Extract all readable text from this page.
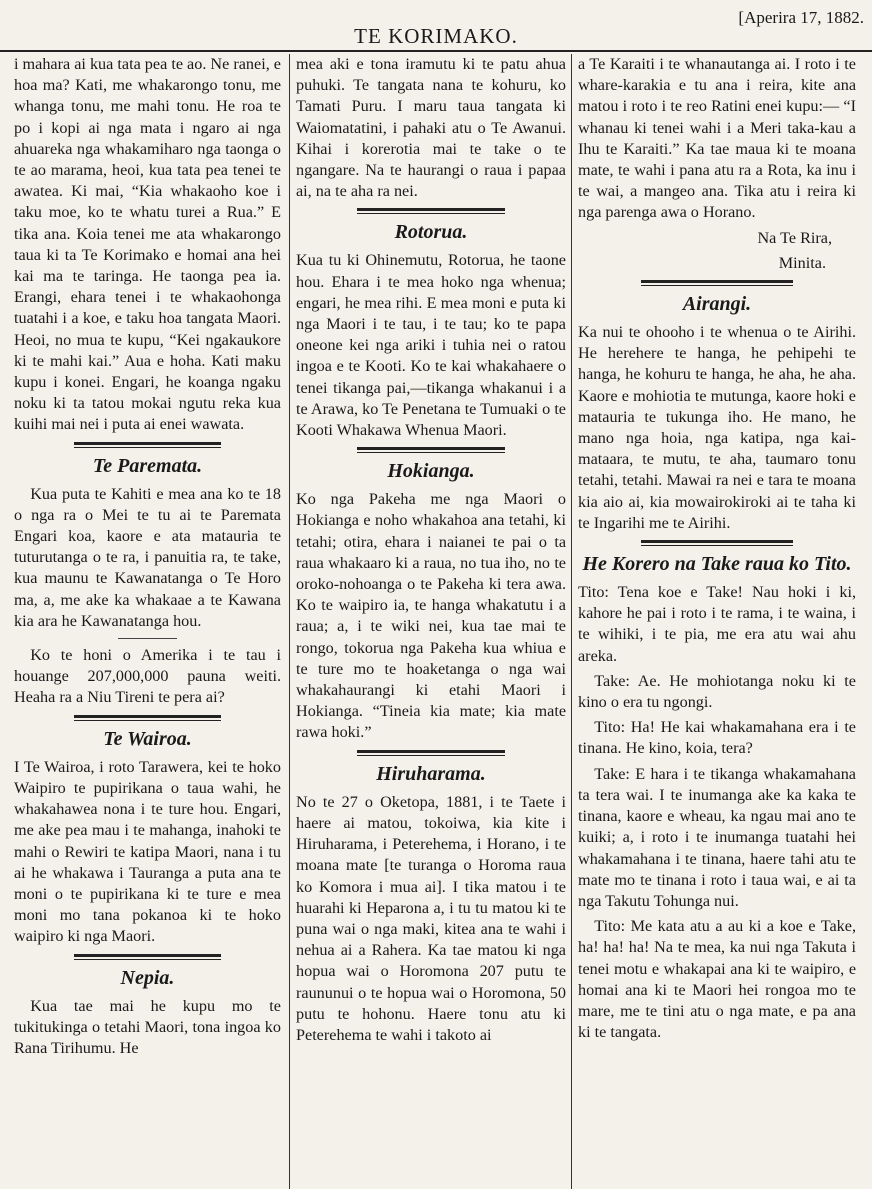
TE KORIMAKO.
[Aperira 17, 1882.

i mahara ai kua tata pea te ao. Ne ranei, e hoa ma? Kati, me whakarongo tonu, me whanga tonu, me mahi tonu. He roa te po i kopi ai nga mata i ngaro ai nga ahuareka nga whakamiharo nga taonga o te ao marama, heoi, kua tata pea tenei te awatea. Ki mai, “Kia whakaoho koe i taku moe, ko te whatu turei a Rua.” E tika ana. Koia tenei me ata whakarongo taua ki ta Te Korimako e homai ana hei kai ma te taringa. He taonga pea ia. Erangi, ehara tenei i te whakaohonga tuatahi i a koe, e taku hoa tangata Maori. Heoi, no mua te kupu, “Kei ngakaukore ki te mahi kai.” Aua e hoha. Kati maku kupu i konei. Engari, he koanga ngaku noku ki ta tatou mokai ngutu reka kua kuihi mai nei i puta ai enei wawata.

Te Paremata.

Kua puta te Kahiti e mea ana ko te 18 o nga ra o Mei te tu ai te Paremata Engari koa, kaore e ata matauria te tuturutanga o te ra, i panuitia ra, te take, kua maunu te Kawanatanga o Te Horo ma, a, me ake ka whakaae a te Kawana kia ara he Kawanatanga hou.

Ko te honi o Amerika i te tau i houange 207,000,000 pauna weiti. Heaha ra a Niu Tireni te pera ai?

Te Wairoa.

I Te Wairoa, i roto Tarawera, kei te hoko Waipiro te pupirikana o taua wahi, he whakahawea nona i te ture hou. Engari, me ake pea mau i te mahanga, inahoki te mahi o Rewiri te katipa Maori, nana i tu ai he whakawa i Tauranga a puta ana te moni o te pupirikana ki te ture e mea moni mo tana pokanoa ki te hoko waipiro ki nga Maori.

Nepia.

Kua tae mai he kupu mo te tukitukinga o tetahi Maori, tona ingoa ko Rana Tirihumu. He

mea aki e tona iramutu ki te patu ahua puhuki. Te tangata nana te kohuru, ko Tamati Puru. I maru taua tangata ki Waiomatatini, i pahaki atu o Te Awanui. Kihai i korerotia mai te take o te ngangare. Na te haurangi o raua i papaa ai, na te aha ra nei.

Rotorua.

Kua tu ki Ohinemutu, Rotorua, he taone hou. Ehara i te mea hoko nga whenua; engari, he mea rihi. E mea moni e puta ki nga Maori i te tau, i te tau; ko te papa oneone kei nga ariki i tuhia nei o ratou ingoa e te Kooti. Ko te kai whakahaere o tenei tikanga pai,—tikanga whakanui i a te Arawa, ko Te Penetana te Tumuaki o te Kooti Whakawa Whenua Maori.

Hokianga.

Ko nga Pakeha me nga Maori o Hokianga e noho whakahoa ana tetahi, ki tetahi; otira, ehara i naianei te pai o ta raua whakaaro ki a raua, no tua iho, no te oroko-nohoanga o te Pakeha ki tera awa. Ko te waipiro ia, te hanga whakatutu i a raua; a, i te wiki nei, kua tae mai te rongo, tokorua nga Pakeha kua whiua e te ture mo te hoaketanga o nga wai whakahaurangi ki etahi Maori i Hokianga. “Tineia kia mate; kia mate rawa hoki.”

Hiruharama.

No te 27 o Oketopa, 1881, i te Taete i haere ai matou, tokoiwa, kia kite i Hiruharama, i Peterehema, i Horano, i te moana mate [te turanga o Horoma raua ko Komora i mua ai]. I tika matou i te huarahi ki Heparona a, i tu tu matou ki te puna wai o nga maki, kitea ana te wahi i nehua ai a Rahera. Ka tae matou ki nga hopua wai o Horomona 207 putu te raununui o te hopua wai o Horomona, 50 putu te hohonu. Haere tonu atu ki Peterehema te wahi i takoto ai

a Te Karaiti i te whanautanga ai. I roto i te whare-karakia e tu ana i reira, kite ana matou i roto i te reo Ratini enei kupu:— “I whanau ki tenei wahi i a Meri taka-kau a Ihu te Karaiti.” Ka tae maua ki te moana mate, te wahi i pana atu ra a Rota, ka inu i te wai, a mangeo ana. Tika atu i reira ki nga parenga awa o Horano.

Na Te Rira,

Minita.

Airangi.

Ka nui te ohooho i te whenua o te Airihi. He herehere te hanga, he pehipehi te hanga, he kohuru te hanga, he aha, he aha. Kaore e mohiotia te mutunga, kaore hoki e matauria te tukunga iho. He mano, he mano nga hoia, nga katipa, nga kai-mataara, te mutu, te aha, taumaro tonu tetahi, tetahi. Mawai ra nei e tara te moana kia aio ai, kia mowairokiroki ai te taha ki te Ingarihi me te Airihi.

He Korero na Take raua ko Tito.

Tito: Tena koe e Take! Nau hoki i ki, kahore he pai i roto i te rama, i te waina, i te wihiki, i te pia, me era atu wai ahu areka.

Take: Ae. He mohiotanga noku ki te kino o era tu ngongi.

Tito: Ha! He kai whakamahana era i te tinana. He kino, koia, tera?

Take: E hara i te tikanga whakamahana ta tera wai. I te inumanga ake ka kaka te tinana, kaore e wheau, ka ngau mai ano te kuiki; a, i roto i te inumanga tuatahi hei whakamahana i te tinana, haere tahi atu te mate mo te tinana i roto i taua wai, e ai ta nga Takutu Tohunga nui.

Tito: Me kata atu a au ki a koe e Take, ha! ha! ha! Na te mea, ka nui nga Takuta i tenei motu e whakapai ana ki te waipiro, e homai ana ki te Maori hei rongoa mo te mare, me te tini atu o nga mate, e pa ana ki te tangata.
